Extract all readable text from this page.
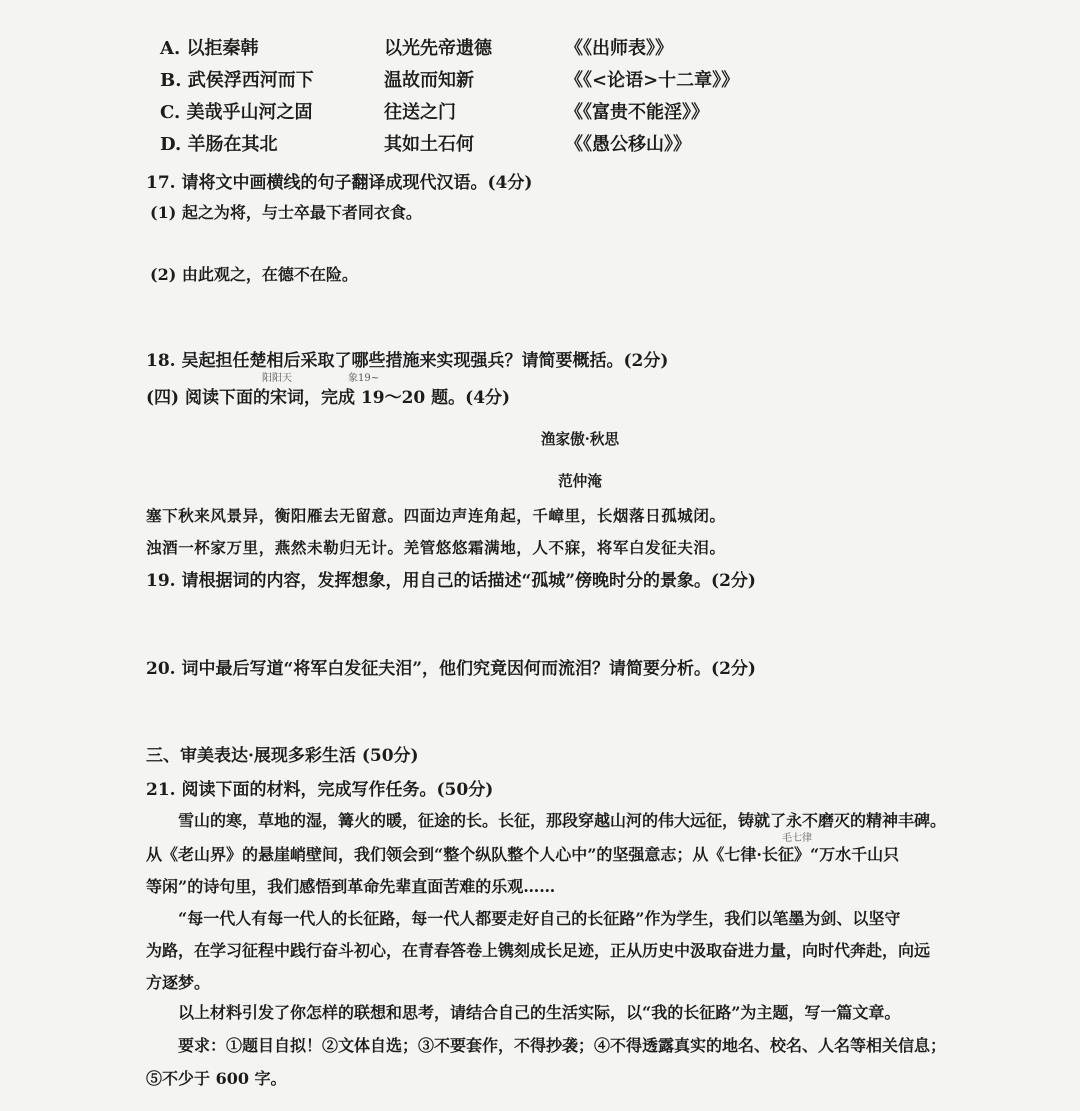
A. 以拒秦韩	以光先帝遗德	《《出师表》》
B. 武侯浮西河而下	温故而知新	《《<论语>十二章》》
C. 美哉乎山河之固	往送之门	《《富贵不能淫》》
D. 羊肠在其北	其如土石何	《《愚公移山》》
17. 请将文中画横线的句子翻译成现代汉语。(4分)
(1) 起之为将，与士卒最下者同衣食。
(2) 由此观之，在德不在险。
18. 吴起担任楚相后采取了哪些措施来实现强兵？请简要概括。(2分)
阳阳天	象19~
(四) 阅读下面的宋词，完成 19～20 题。(4分)
渔家傲·秋思
范仲淹
塞下秋来风景异，衡阳雁去无留意。四面边声连角起，千嶂里，长烟落日孤城闭。
浊酒一杯家万里，燕然未勒归无计。羌管悠悠霜满地，人不寐，将军白发征夫泪。
19. 请根据词的内容，发挥想象，用自己的话描述“孤城”傍晚时分的景象。(2分)
20. 词中最后写道“将军白发征夫泪”，他们究竟因何而流泪？请简要分析。(2分)
三、审美表达·展现多彩生活 (50分)
21. 阅读下面的材料，完成写作任务。(50分)
雪山的寒，草地的湿，篝火的暖，征途的长。长征，那段穿越山河的伟大远征，铸就了永不磨灭的精神丰碑。
毛七律
从《老山界》的悬崖峭壁间，我们领会到“整个纵队整个人心中”的坚强意志；从《七律·长征》“万水千山只
等闲”的诗句里，我们感悟到革命先辈直面苦难的乐观……
“每一代人有每一代人的长征路，每一代人都要走好自己的长征路”作为学生，我们以笔墨为剑、以坚守
为路，在学习征程中践行奋斗初心，在青春答卷上镌刻成长足迹，正从历史中汲取奋进力量，向时代奔赴，向远
方逐梦。
以上材料引发了你怎样的联想和思考，请结合自己的生活实际，以“我的长征路”为主题，写一篇文章。
要求：①题目自拟！②文体自选；③不要套作，不得抄袭；④不得透露真实的地名、校名、人名等相关信息；
⑤不少于 600 字。
